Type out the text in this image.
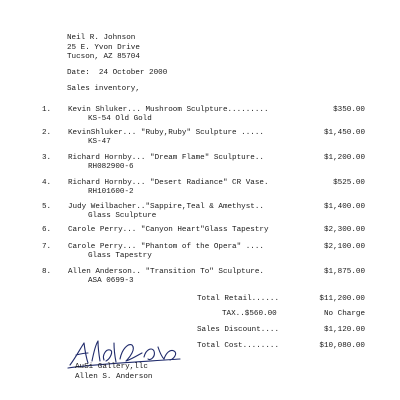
Neil R. Johnson
25 E. Yvon Drive
Tucson, AZ 85704
Date:  24 October 2000
Sales inventory,
1. Kevin Shluker... Mushroom Sculpture.........	$350.00
KS-54 Old Gold
2. KevinShluker... "Ruby,Ruby" Sculpture .....	$1,450.00
KS-47
3. Richard Hornby... "Dream Flame" Sculpture..	$1,200.00
RH082900-6
4. Richard Hornby... "Desert Radiance" CR Vase.	$525.00
RH101600-2
5. Judy Weilbacher.."Sappire,Teal & Amethyst..	$1,400.00
Glass Sculpture
6. Carole Perry... "Canyon Heart"Glass Tapestry	$2,300.00
7. Carole Perry... "Phantom of the Opera" ....	$2,100.00
Glass Tapestry
8. Allen Anderson.. "Transition To" Sculpture.	$1,875.00
ASA 0699-3
Total Retail......	$11,200.00
TAX..$560.00	No Charge
Sales Discount....	$1,120.00
Total Cost........	$10,080.00
AuSi Gallery,llc
Allen S. Anderson
